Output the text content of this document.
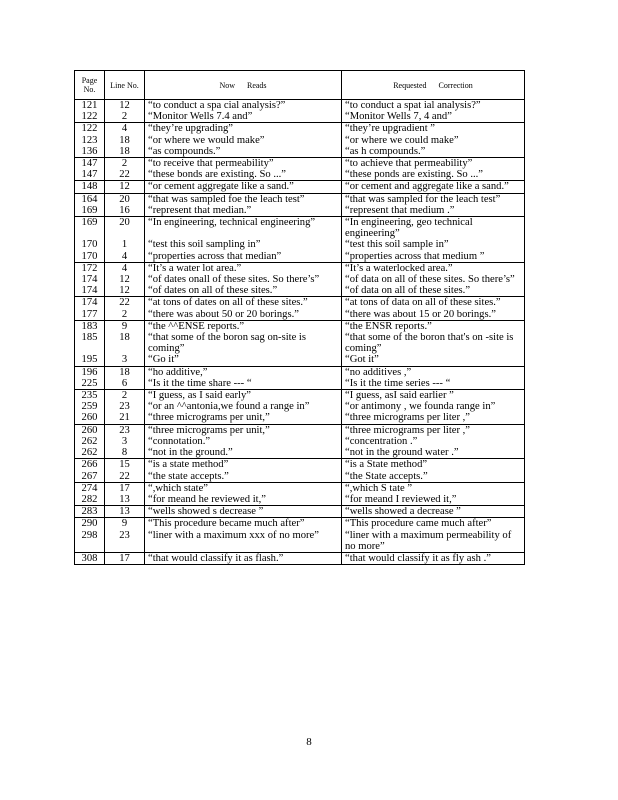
Page No.	Line No.	Now Reads	Requested Correction
121	12	“to conduct a spa cial analysis?”	“to conduct a spat ial analysis?”
122	2	“Monitor Wells 7.4 and”	“Monitor Wells 7, 4 and”
122	4	“they’re upgrading”	“they’re upgradient ”
123	18	“or where we would make”	“or where we could make”
136	18	“as compounds.”	“as h compounds.”
147	2	“to receive that permeability”	“to achieve that permeability”
147	22	“these bonds are existing. So ...”	“these ponds are existing. So ...”
148	12	“or cement aggregate like a sand.”	“or cement and aggregate like a sand.”
164	20	“that was sampled foe the leach test”	“that was sampled for the leach test”
169	16	“represent that median.”	“represent that medium .”
169	20	“In engineering, technical engineering”	“In engineering, geo technical engineering”
170	1	“test this soil sampling in”	“test this soil sample in”
170	4	“properties across that median”	“properties across that medium ”
172	4	“It’s a water lot area.”	“It’s a waterlocked area.”
174	12	“of dates onall of these sites. So there’s”	“of data on all of these sites. So there’s”
174	12	“of dates on all of these sites.”	“of data on all of these sites.”
174	22	“at tons of dates on all of these sites.”	“at tons of data on all of these sites.”
177	2	“there was about 50 or 20 borings.”	“there was about 15 or 20 borings.”
183	9	“the ^^ENSE reports.”	“the ENSR reports.”
185	18	“that some of the boron sag on-site is coming”	“that some of the boron that's on -site is coming”
195	3	“Go it”	“Got it”
196	18	“ho additive,”	“no additives ,”
225	6	“Is it the time share --- “	“Is it the time series --- “
235	2	“I guess, as I said early”	“I guess, asI said earlier ”
259	23	“or an ^^antonia,we found a range in”	“or antimony , we founda range in”
260	21	“three micrograms per unit,”	“three micrograms per liter ,”
260	23	“three micrograms per unit,”	“three micrograms per liter ,”
262	3	“connotation.”	“concentration .”
262	8	“not in the ground.”	“not in the ground water .”
266	15	“is a state method”	“is a State method”
267	22	“the state accepts.”	“the State accepts.”
274	17	“,which state”	“,which S tate ”
282	13	“for meand he reviewed it,”	“for meand I reviewed it,”
283	13	“wells showed s decrease ”	“wells showed a decrease ”
290	9	“This procedure became much after”	“This procedure came much after”
298	23	“liner with a maximum xxx of no more”	“liner with a maximum permeability of no more”
308	17	“that would classify it as flash.”	“that would classify it as fly ash .”
8
